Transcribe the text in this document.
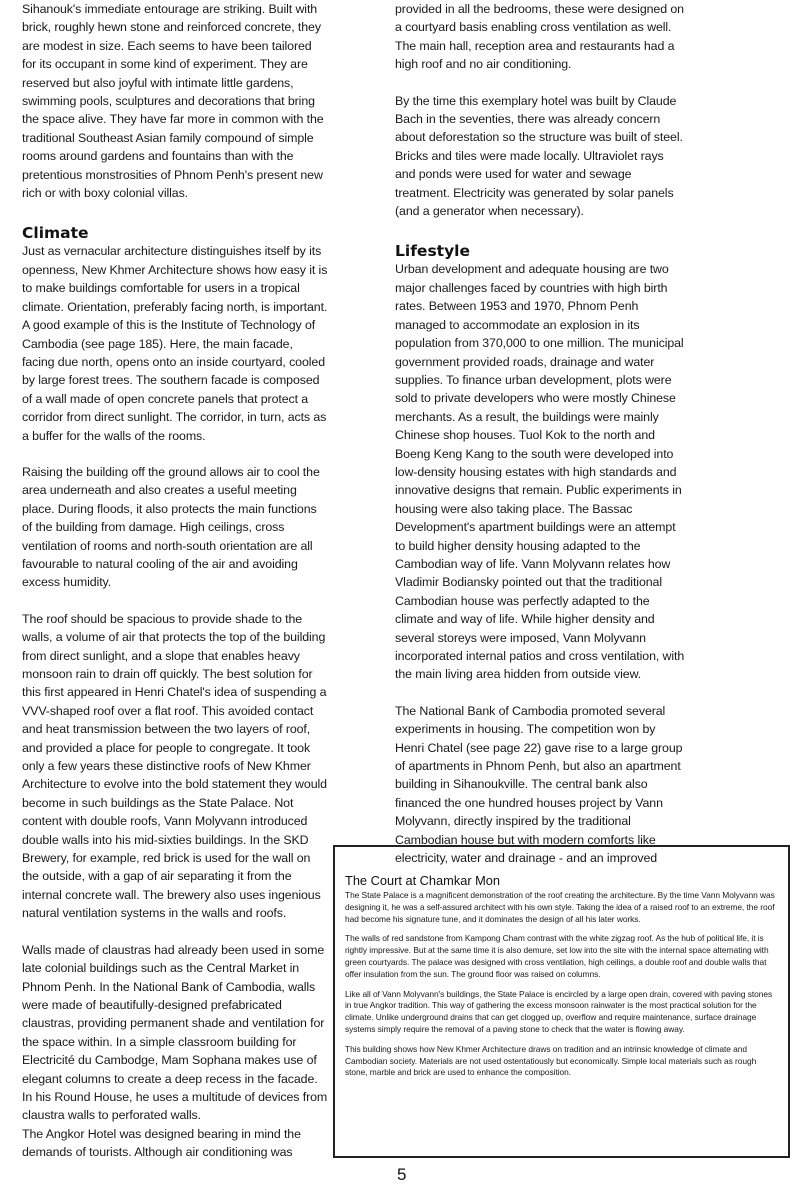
Sihanouk's immediate entourage are striking. Built with brick, roughly hewn stone and reinforced concrete, they are modest in size. Each seems to have been tailored for its occupant in some kind of experiment. They are reserved but also joyful with intimate little gardens, swimming pools, sculptures and decorations that bring the space alive. They have far more in common with the traditional Southeast Asian family compound of simple rooms around gardens and fountains than with the pretentious monstrosities of Phnom Penh's present new rich or with boxy colonial villas.

Climate

Just as vernacular architecture distinguishes itself by its openness, New Khmer Architecture shows how easy it is to make buildings comfortable for users in a tropical climate. Orientation, preferably facing north, is important. A good example of this is the Institute of Technology of Cambodia (see page 185). Here, the main facade, facing due north, opens onto an inside courtyard, cooled by large forest trees. The southern facade is composed of a wall made of open concrete panels that protect a corridor from direct sunlight. The corridor, in turn, acts as a buffer for the walls of the rooms.

Raising the building off the ground allows air to cool the area underneath and also creates a useful meeting place. During floods, it also protects the main functions of the building from damage. High ceilings, cross ventilation of rooms and north-south orientation are all favourable to natural cooling of the air and avoiding excess humidity.

The roof should be spacious to provide shade to the walls, a volume of air that protects the top of the building from direct sunlight, and a slope that enables heavy monsoon rain to drain off quickly. The best solution for this first appeared in Henri Chatel's idea of suspending a VVV-shaped roof over a flat roof. This avoided contact and heat transmission between the two layers of roof, and provided a place for people to congregate. It took only a few years these distinctive roofs of New Khmer Architecture to evolve into the bold statement they would become in such buildings as the State Palace. Not content with double roofs, Vann Molyvann introduced double walls into his mid-sixties buildings. In the SKD Brewery, for example, red brick is used for the wall on the outside, with a gap of air separating it from the internal concrete wall. The brewery also uses ingenious natural ventilation systems in the walls and roofs.

Walls made of claustras had already been used in some late colonial buildings such as the Central Market in Phnom Penh. In the National Bank of Cambodia, walls were made of beautifully-designed prefabricated claustras, providing permanent shade and ventilation for the space within. In a simple classroom building for Electricité du Cambodge, Mam Sophana makes use of elegant columns to create a deep recess in the facade. In his Round House, he uses a multitude of devices from claustra walls to perforated walls.

The Angkor Hotel was designed bearing in mind the demands of tourists. Although air conditioning was

provided in all the bedrooms, these were designed on a courtyard basis enabling cross ventilation as well. The main hall, reception area and restaurants had a high roof and no air conditioning.

By the time this exemplary hotel was built by Claude Bach in the seventies, there was already concern about deforestation so the structure was built of steel. Bricks and tiles were made locally. Ultraviolet rays and ponds were used for water and sewage treatment. Electricity was generated by solar panels (and a generator when necessary).

Lifestyle

Urban development and adequate housing are two major challenges faced by countries with high birth rates. Between 1953 and 1970, Phnom Penh managed to accommodate an explosion in its population from 370,000 to one million. The municipal government provided roads, drainage and water supplies. To finance urban development, plots were sold to private developers who were mostly Chinese merchants. As a result, the buildings were mainly Chinese shop houses. Tuol Kok to the north and Boeng Keng Kang to the south were developed into low-density housing estates with high standards and innovative designs that remain. Public experiments in housing were also taking place. The Bassac Development's apartment buildings were an attempt to build higher density housing adapted to the Cambodian way of life. Vann Molyvann relates how Vladimir Bodiansky pointed out that the traditional Cambodian house was perfectly adapted to the climate and way of life. While higher density and several storeys were imposed, Vann Molyvann incorporated internal patios and cross ventilation, with the main living area hidden from outside view.

The National Bank of Cambodia promoted several experiments in housing. The competition won by Henri Chatel (see page 22) gave rise to a large group of apartments in Phnom Penh, but also an apartment building in Sihanoukville. The central bank also financed the one hundred houses project by Vann Molyvann, directly inspired by the traditional Cambodian house but with modern comforts like electricity, water and drainage - and an improved

The Court at Chamkar Mon

The State Palace is a magnificent demonstration of the roof creating the architecture. By the time Vann Molyvann was designing it, he was a self-assured architect with his own style. Taking the idea of a raised roof to an extreme, the roof had become his signature tune, and it dominates the design of all his later works.

The walls of red sandstone from Kampong Cham contrast with the white zigzag roof. As the hub of political life, it is rightly impressive. But at the same time it is also demure, set low into the site with the internal space alternating with green courtyards. The palace was designed with cross ventilation, high ceilings, a double roof and double walls that offer insulation from the sun. The ground floor was raised on columns.

Like all of Vann Molyvann's buildings, the State Palace is encircled by a large open drain, covered with paving stones in true Angkor tradition. This way of gathering the excess monsoon rainwater is the most practical solution for the climate. Unlike underground drains that can get clogged up, overflow and require maintenance, surface drainage systems simply require the removal of a paving stone to check that the water is flowing away.

This building shows how New Khmer Architecture draws on tradition and an intrinsic knowledge of climate and Cambodian society. Materials are not used ostentatiously but economically. Simple local materials such as rough stone, marble and brick are used to enhance the composition.

5
